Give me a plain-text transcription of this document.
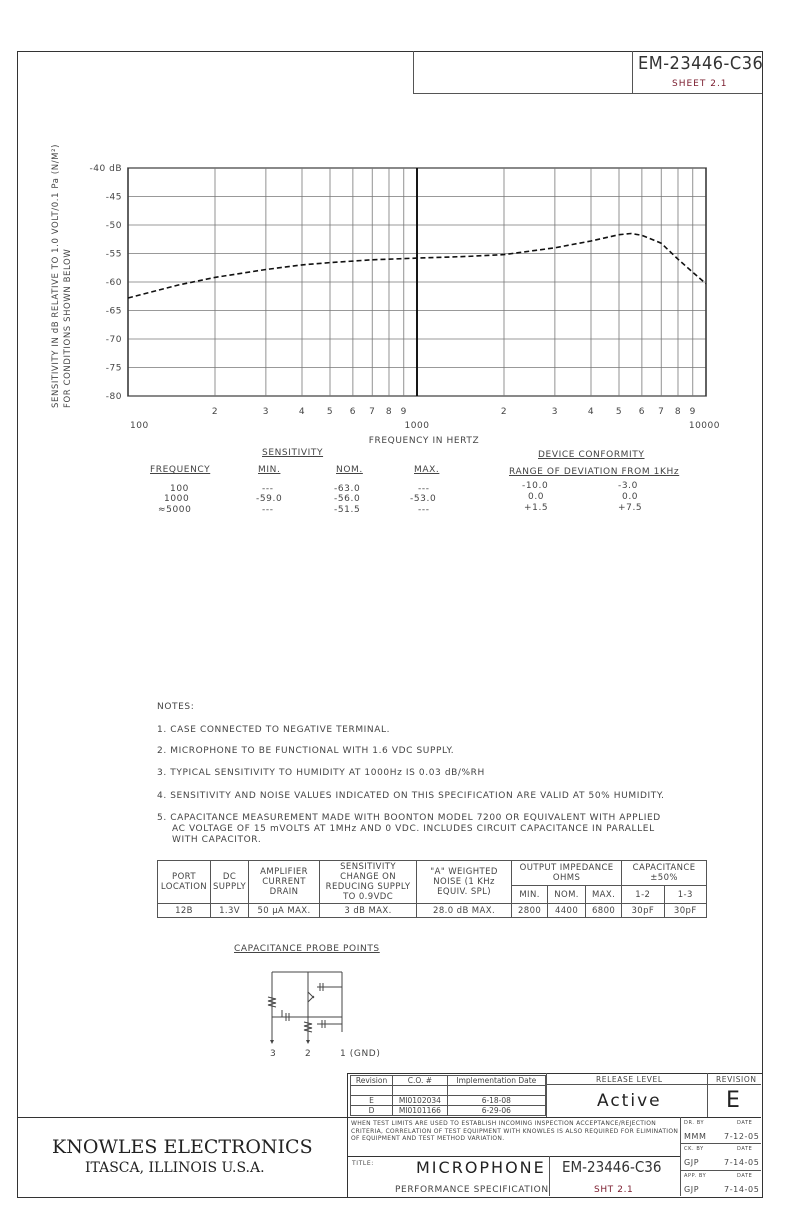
EM-23446-C36
SHEET 2.1
-40 dB
-45
-50
-55
-60
-65
-70
-75
-80
100
2	3	4 5 6 7 8 9
1000
2	3	4 5 6 7 8 9
10000
SENSITIVITY IN dB RELATIVE TO 1.0 VOLT/0.1 Pa (N/M²) FOR CONDITIONS SHOWN BELOW
FREQUENCY IN HERTZ
SENSITIVITY
FREQUENCY	MIN.	NOM.	MAX.
100	---	-63.0	---
1000	-59.0	-56.0	-53.0
≈5000	---	-51.5	---
DEVICE CONFORMITY
RANGE OF DEVIATION FROM 1KHz
-10.0	-3.0
0.0	0.0
+1.5	+7.5
NOTES:
1. CASE CONNECTED TO NEGATIVE TERMINAL.
2. MICROPHONE TO BE FUNCTIONAL WITH 1.6 VDC SUPPLY.
3. TYPICAL SENSITIVITY TO HUMIDITY AT 1000Hz IS 0.03 dB/%RH
4. SENSITIVITY AND NOISE VALUES INDICATED ON THIS SPECIFICATION ARE VALID AT 50% HUMIDITY.
5. CAPACITANCE MEASUREMENT MADE WITH BOONTON MODEL 7200 OR EQUIVALENT WITH APPLIED
AC VOLTAGE OF 15 mVOLTS AT 1MHz AND 0 VDC. INCLUDES CIRCUIT CAPACITANCE IN PARALLEL
WITH CAPACITOR.
PORT LOCATION	DC SUPPLY	AMPLIFIER CURRENT DRAIN	SENSITIVITY CHANGE ON REDUCING SUPPLY TO 0.9VDC	"A" WEIGHTED NOISE (1 KHz EQUIV. SPL)	OUTPUT IMPEDANCE OHMS			CAPACITANCE ±50%	
					MIN.	NOM.	MAX.	1-2	1-3
12B	1.3V	50 μA MAX.	3 dB MAX.	28.0 dB MAX.	2800	4400	6800	30pF	30pF
CAPACITANCE PROBE POINTS
3	2	1 (GND)
KNOWLES ELECTRONICS
ITASCA, ILLINOIS U.S.A.
Revision	C.O. #	Implementation Date

E	MI0102034	6-18-08
D	MI0101166	6-29-06
RELEASE LEVEL
Active
REVISION
E
WHEN TEST LIMITS ARE USED TO ESTABLISH INCOMING INSPECTION ACCEPTANCE/REJECTION CRITERIA, CORRELATION OF TEST EQUIPMENT WITH KNOWLES IS ALSO REQUIRED FOR ELIMINATION OF EQUIPMENT AND TEST METHOD VARIATION.
TITLE:	MICROPHONE
PERFORMANCE SPECIFICATION
EM-23446-C36
SHT 2.1
DR. BY	DATE
MMM 7-12-05
CK. BY	DATE
GJP	7-14-05
APP. BY	DATE
GJP	7-14-05
